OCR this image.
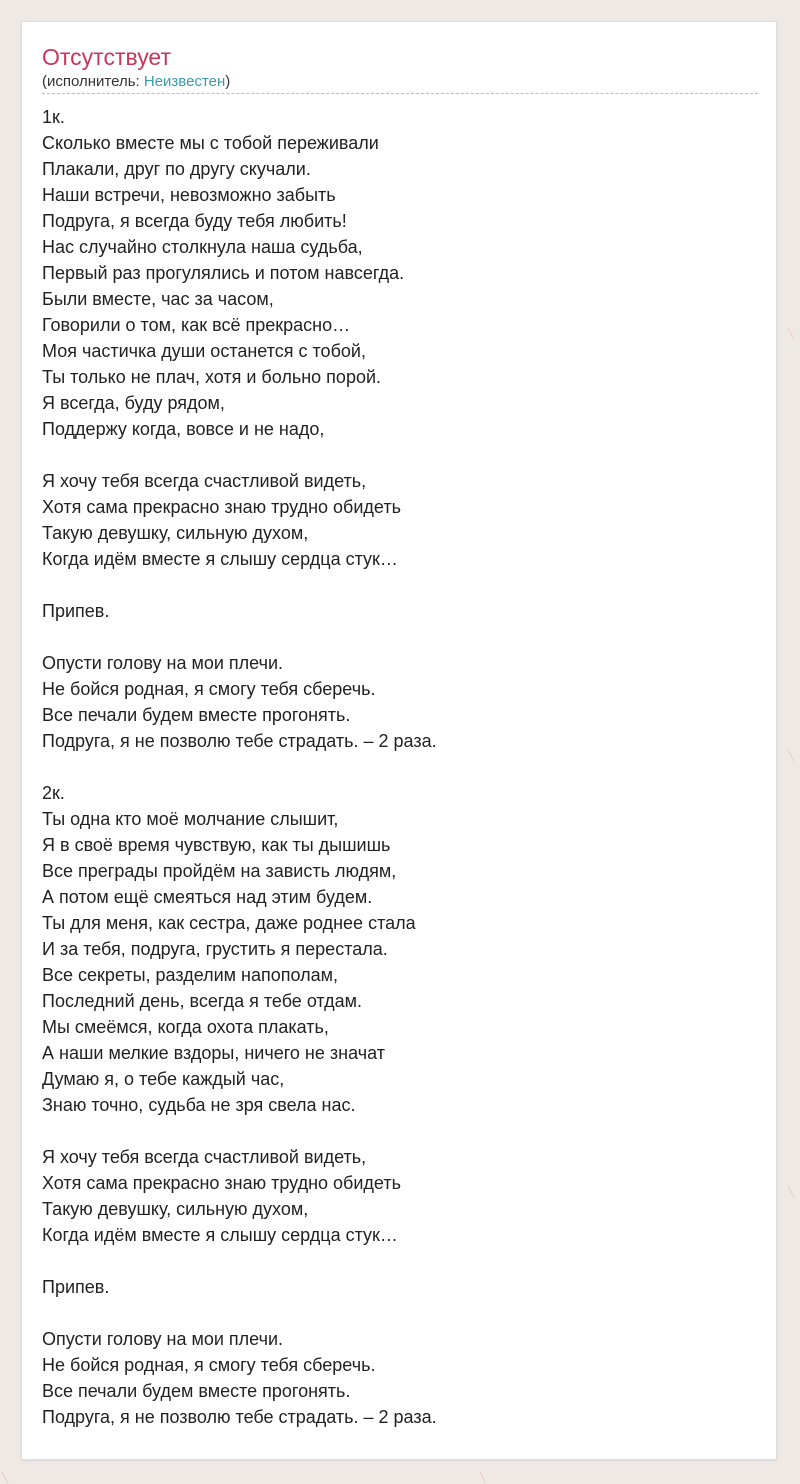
Отсутствует
(исполнитель: Неизвестен)
1к.
Сколько вместе мы с тобой переживали
Плакали, друг по другу скучали.
Наши встречи, невозможно забыть
Подруга, я всегда буду тебя любить!
Нас случайно столкнула наша судьба,
Первый раз прогулялись и потом навсегда.
Были вместе, час за часом,
Говорили о том, как всё прекрасно…
Моя частичка души останется с тобой,
Ты только не плач, хотя и больно порой.
Я всегда, буду рядом,
Поддержу когда, вовсе и не надо,
Я хочу тебя всегда счастливой видеть,
Хотя сама прекрасно знаю трудно обидеть
Такую девушку, сильную духом,
Когда идём вместе я слышу сердца стук…
Припев.
Опусти голову на мои плечи.
Не бойся родная, я смогу тебя сберечь.
Все печали будем вместе прогонять.
Подруга, я не позволю тебе страдать. – 2 раза.
2к.
Ты одна кто моё молчание слышит,
Я в своё время чувствую, как ты дышишь
Все преграды пройдём на зависть людям,
А потом ещё смеяться над этим будем.
Ты для меня, как сестра, даже роднее стала
И за тебя, подруга, грустить я перестала.
Все секреты, разделим напополам,
Последний день, всегда я тебе отдам.
Мы смеёмся, когда охота плакать,
А наши мелкие вздоры, ничего не значат
Думаю я, о тебе каждый час,
Знаю точно, судьба не зря свела нас.
Я хочу тебя всегда счастливой видеть,
Хотя сама прекрасно знаю трудно обидеть
Такую девушку, сильную духом,
Когда идём вместе я слышу сердца стук…
Припев.
Опусти голову на мои плечи.
Не бойся родная, я смогу тебя сберечь.
Все печали будем вместе прогонять.
Подруга, я не позволю тебе страдать. – 2 раза.
╲
╲
╲
╲
╲
